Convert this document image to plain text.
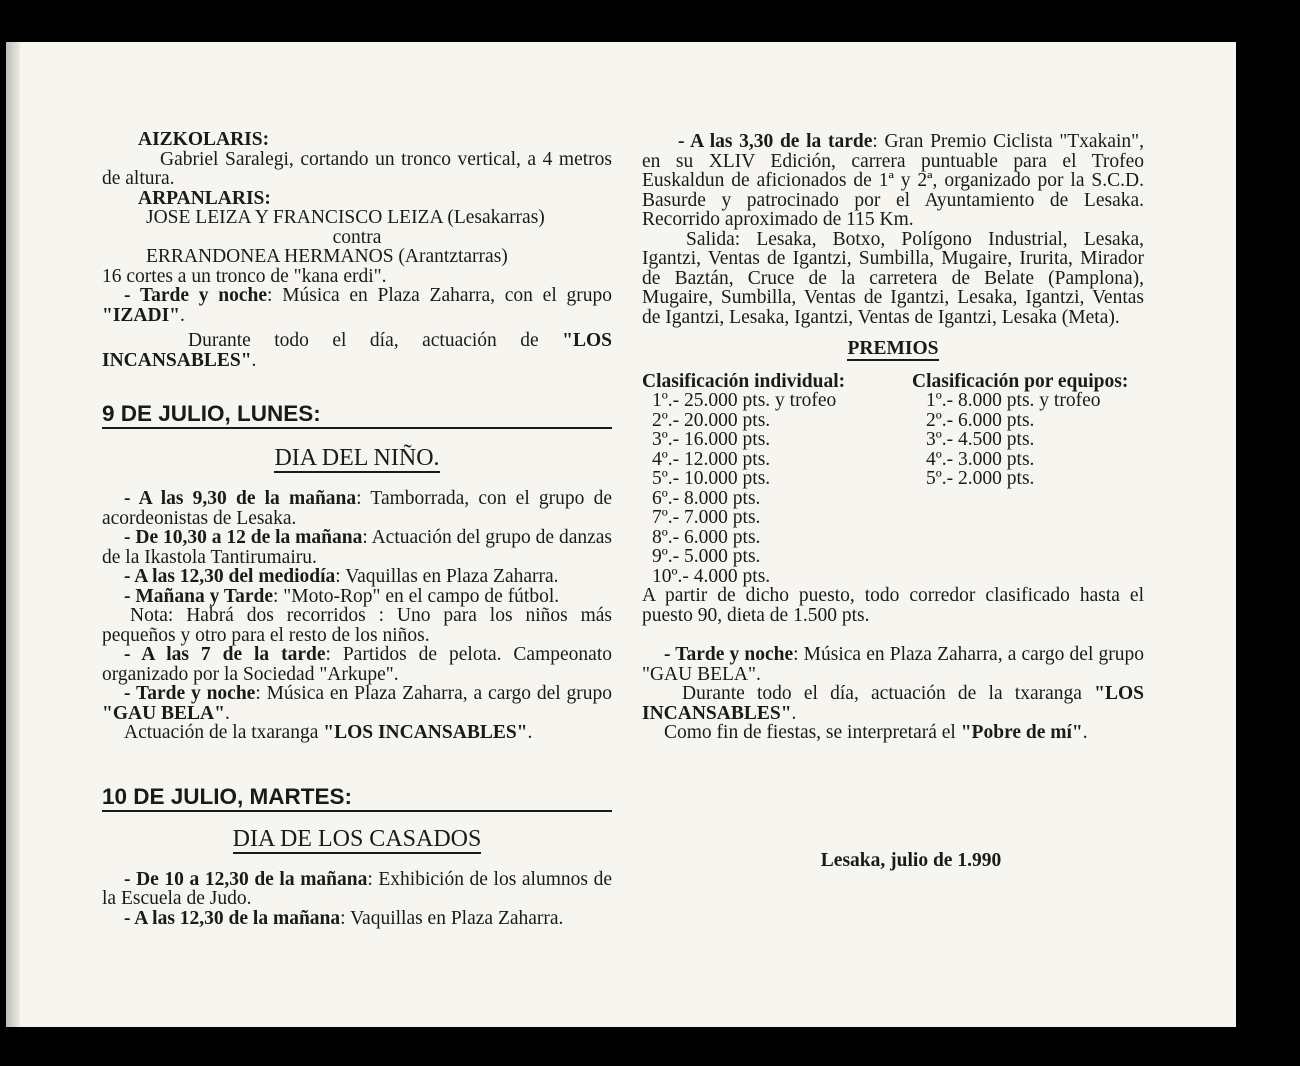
AIZKOLARIS:
Gabriel Saralegi, cortando un tronco vertical, a 4 metros de altura.
ARPANLARIS:
JOSE LEIZA Y FRANCISCO LEIZA (Lesakarras)
contra
ERRANDONEA HERMANOS (Arantztarras)
16 cortes a un tronco de "kana erdi".
- Tarde y noche: Música en Plaza Zaharra, con el grupo "IZADI".
Durante todo el día, actuación de "LOS INCANSABLES".
9 DE JULIO, LUNES:
DIA DEL NIÑO.
- A las 9,30 de la mañana: Tamborrada, con el grupo de acordeonistas de Lesaka.
- De 10,30 a 12 de la mañana: Actuación del grupo de danzas de la Ikastola Tantirumairu.
- A las 12,30 del mediodía: Vaquillas en Plaza Zaharra.
- Mañana y Tarde: "Moto-Rop" en el campo de fútbol.
Nota: Habrá dos recorridos : Uno para los niños más pequeños y otro para el resto de los niños.
- A las 7 de la tarde: Partidos de pelota. Campeonato organizado por la Sociedad "Arkupe".
- Tarde y noche: Música en Plaza Zaharra, a cargo del grupo "GAU BELA".
Actuación de la txaranga "LOS INCANSABLES".
10 DE JULIO, MARTES:
DIA DE LOS CASADOS
- De 10 a 12,30 de la mañana: Exhibición de los alumnos de la Escuela de Judo.
- A las 12,30 de la mañana: Vaquillas en Plaza Zaharra.
- A las 3,30 de la tarde: Gran Premio Ciclista "Txakain", en su XLIV Edición, carrera puntuable para el Trofeo Euskaldun de aficionados de 1ª y 2ª, organizado por la S.C.D. Basurde y patrocinado por el Ayuntamiento de Lesaka. Recorrido aproximado de 115 Km.
Salida: Lesaka, Botxo, Polígono Industrial, Lesaka, Igantzi, Ventas de Igantzi, Sumbilla, Mugaire, Irurita, Mirador de Baztán, Cruce de la carretera de Belate (Pamplona), Mugaire, Sumbilla, Ventas de Igantzi, Lesaka, Igantzi, Ventas de Igantzi, Lesaka, Igantzi, Ventas de Igantzi, Lesaka (Meta).
PREMIOS
Clasificación individual:
1º.- 25.000 pts. y trofeo
2º.- 20.000 pts.
3º.- 16.000 pts.
4º.- 12.000 pts.
5º.- 10.000 pts.
6º.- 8.000 pts.
7º.- 7.000 pts.
8º.- 6.000 pts.
9º.- 5.000 pts.
10º.- 4.000 pts.
Clasificación por equipos:
1º.- 8.000 pts. y trofeo
2º.- 6.000 pts.
3º.- 4.500 pts.
4º.- 3.000 pts.
5º.- 2.000 pts.
A partir de dicho puesto, todo corredor clasificado hasta el puesto 90, dieta de 1.500 pts.
- Tarde y noche: Música en Plaza Zaharra, a cargo del grupo "GAU BELA".
Durante todo el día, actuación de la txaranga "LOS INCANSABLES".
Como fin de fiestas, se interpretará el "Pobre de mí".
Lesaka, julio de 1.990
